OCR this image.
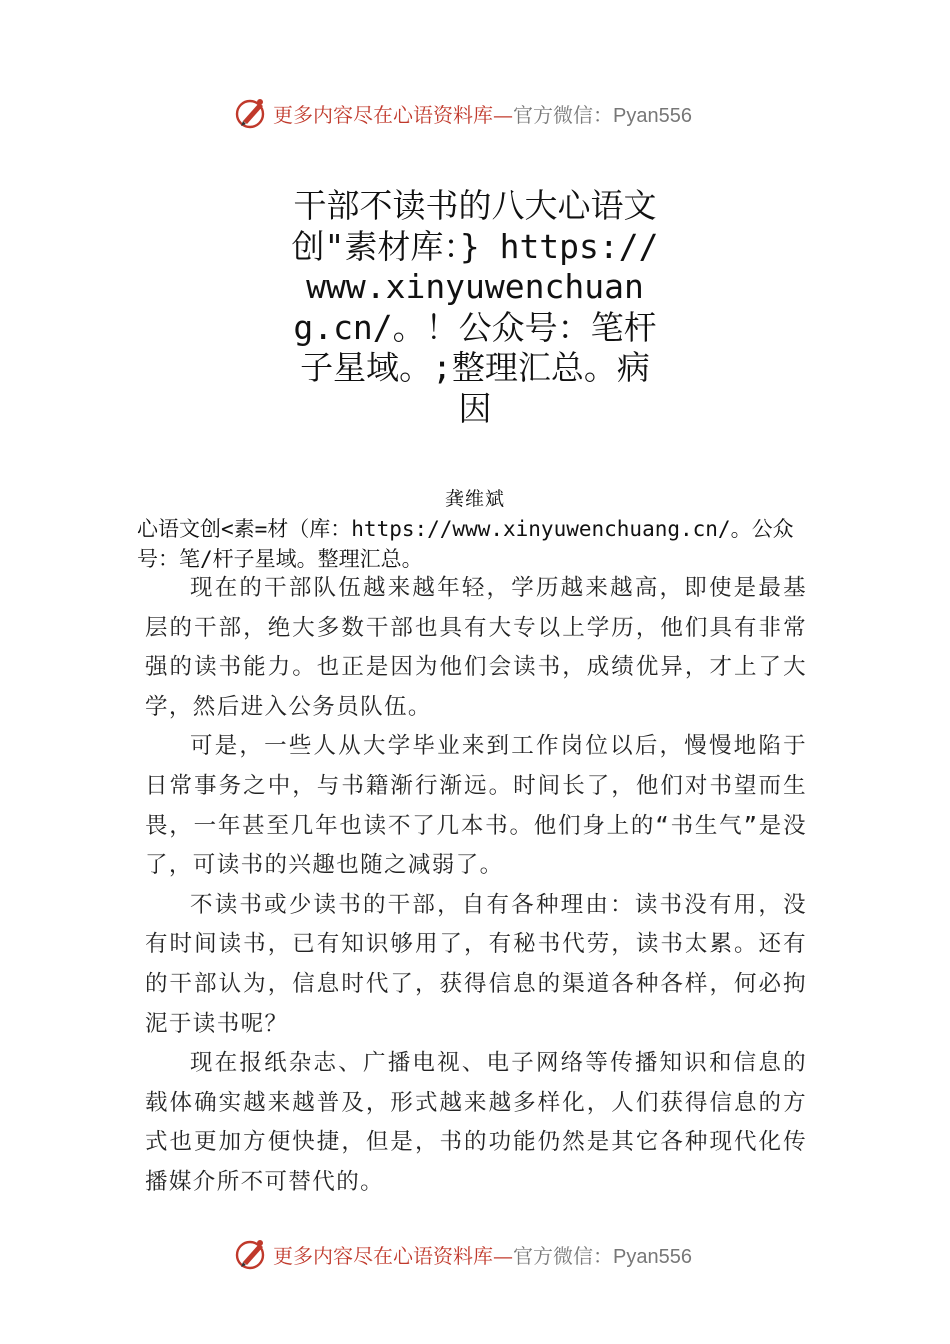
更多内容尽在心语资料库—官方微信：Pyan556
干部不读书的八大心语文创"素材库：} https:// www.xinyuwenchuang.cn/。！公众号：笔杆子星域。;整理汇总。病因
龚维斌
心语文创<素=材（库：https://www.xinyuwenchuang.cn/。公众号：笔/杆子星域。整理汇总。

现在的干部队伍越来越年轻，学历越来越高，即使是最基层的干部，绝大多数干部也具有大专以上学历，他们具有非常强的读书能力。也正是因为他们会读书，成绩优异，才上了大学，然后进入公务员队伍。

可是，一些人从大学毕业来到工作岗位以后，慢慢地陷于日常事务之中，与书籍渐行渐远。时间长了，他们对书望而生畏，一年甚至几年也读不了几本书。他们身上的“书生气”是没了，可读书的兴趣也随之减弱了。

不读书或少读书的干部，自有各种理由：读书没有用，没有时间读书，已有知识够用了，有秘书代劳，读书太累。还有的干部认为，信息时代了，获得信息的渠道各种各样，何必拘泥于读书呢？

现在报纸杂志、广播电视、电子网络等传播知识和信息的载体确实越来越普及，形式越来越多样化，人们获得信息的方式也更加方便快捷，但是，书的功能仍然是其它各种现代化传播媒介所不可替代的。

更多内容尽在心语资料库—官方微信：Pyan556
